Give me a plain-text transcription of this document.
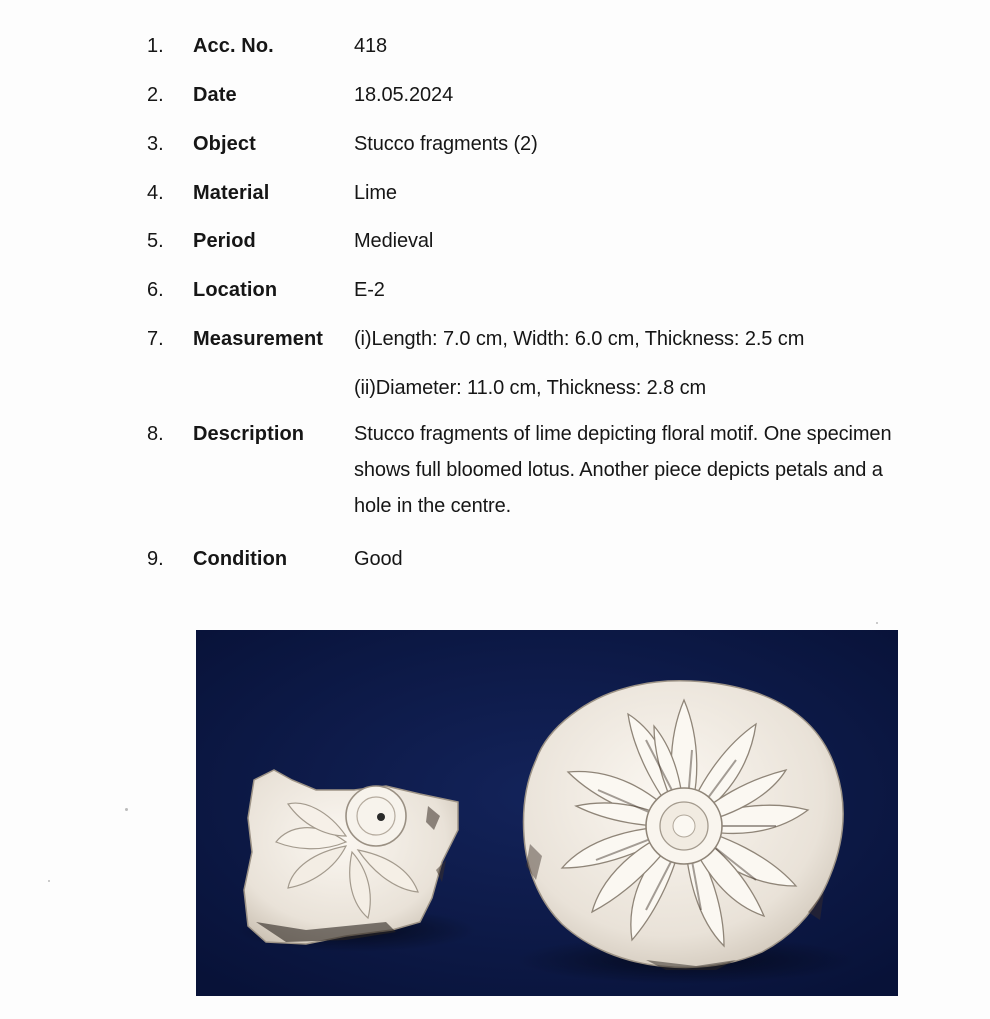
1.	Acc. No.	418
2.	Date	18.05.2024
3.	Object	Stucco fragments (2)
4.	Material	Lime
5.	Period	Medieval
6.	Location	E-2
7.	Measurement	(i)Length: 7.0 cm, Width: 6.0 cm, Thickness: 2.5 cm
(ii)Diameter: 11.0 cm, Thickness: 2.8 cm
8.	Description	Stucco fragments of lime depicting floral motif. One specimen
shows full bloomed lotus. Another piece depicts petals and a
hole in the centre.
9.	Condition	Good
